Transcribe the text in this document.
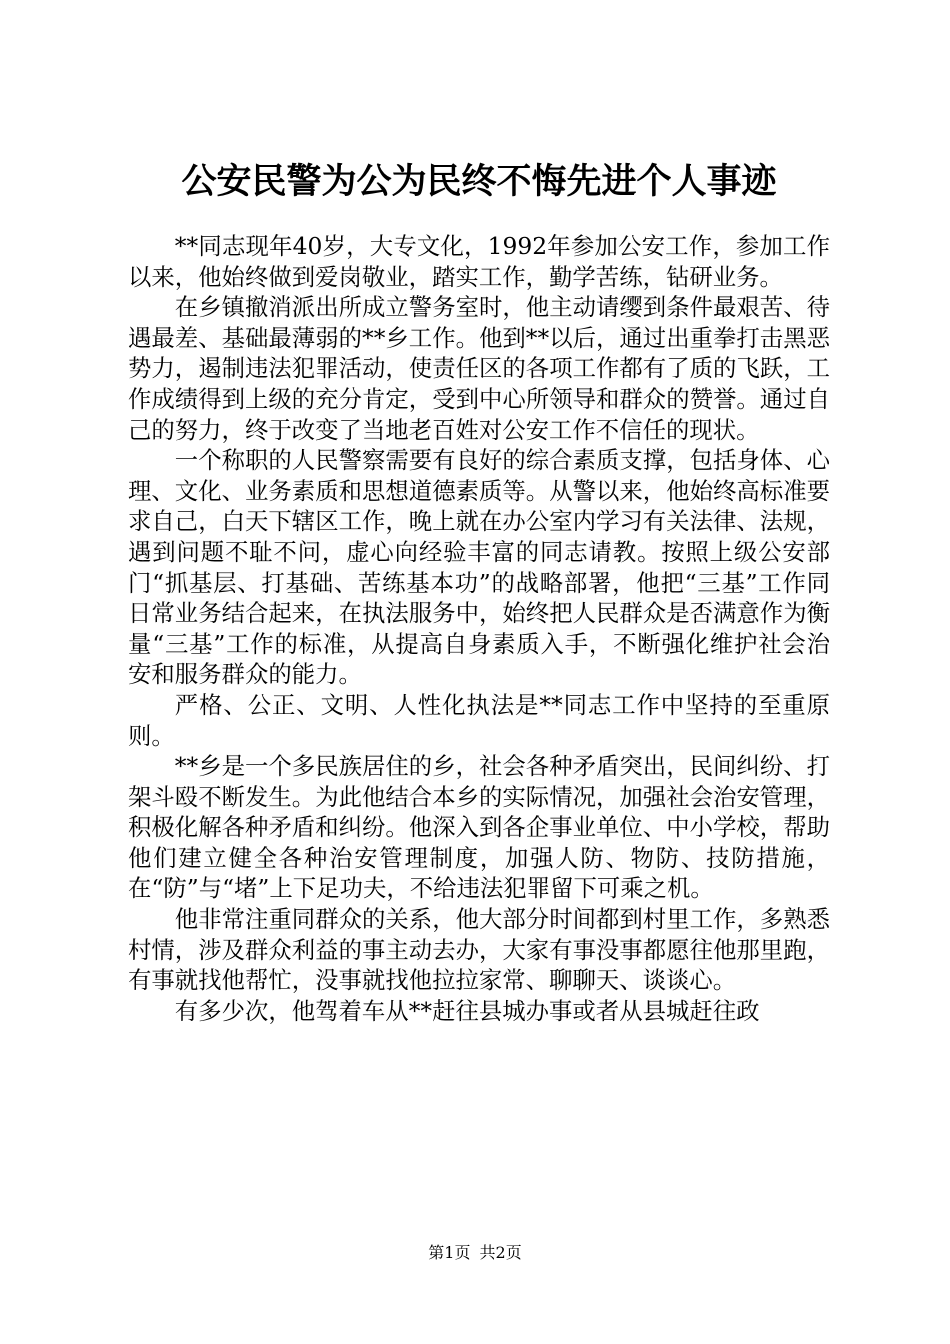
公安民警为公为民终不悔先进个人事迹

**同志现年40岁，大专文化，1992年参加公安工作，参加工作以来，他始终做到爱岗敬业，踏实工作，勤学苦练，钻研业务。

在乡镇撤消派出所成立警务室时，他主动请缨到条件最艰苦、待遇最差、基础最薄弱的**乡工作。他到**以后，通过出重拳打击黑恶势力，遏制违法犯罪活动，使责任区的各项工作都有了质的飞跃，工作成绩得到上级的充分肯定，受到中心所领导和群众的赞誉。通过自己的努力，终于改变了当地老百姓对公安工作不信任的现状。

一个称职的人民警察需要有良好的综合素质支撑，包括身体、心理、文化、业务素质和思想道德素质等。从警以来，他始终高标准要求自己，白天下辖区工作，晚上就在办公室内学习有关法律、法规，遇到问题不耻不问，虚心向经验丰富的同志请教。按照上级公安部门“抓基层、打基础、苦练基本功”的战略部署，他把“三基”工作同日常业务结合起来，在执法服务中，始终把人民群众是否满意作为衡量“三基”工作的标准，从提高自身素质入手，不断强化维护社会治安和服务群众的能力。

严格、公正、文明、人性化执法是**同志工作中坚持的至重原则。

**乡是一个多民族居住的乡，社会各种矛盾突出，民间纠纷、打架斗殴不断发生。为此他结合本乡的实际情况，加强社会治安管理，积极化解各种矛盾和纠纷。他深入到各企事业单位、中小学校，帮助他们建立健全各种治安管理制度，加强人防、物防、技防措施，在“防”与“堵”上下足功夫，不给违法犯罪留下可乘之机。

他非常注重同群众的关系，他大部分时间都到村里工作，多熟悉村情，涉及群众利益的事主动去办，大家有事没事都愿往他那里跑，有事就找他帮忙，没事就找他拉拉家常、聊聊天、谈谈心。

有多少次，他驾着车从**赶往县城办事或者从县城赶往政

第1页 共2页
